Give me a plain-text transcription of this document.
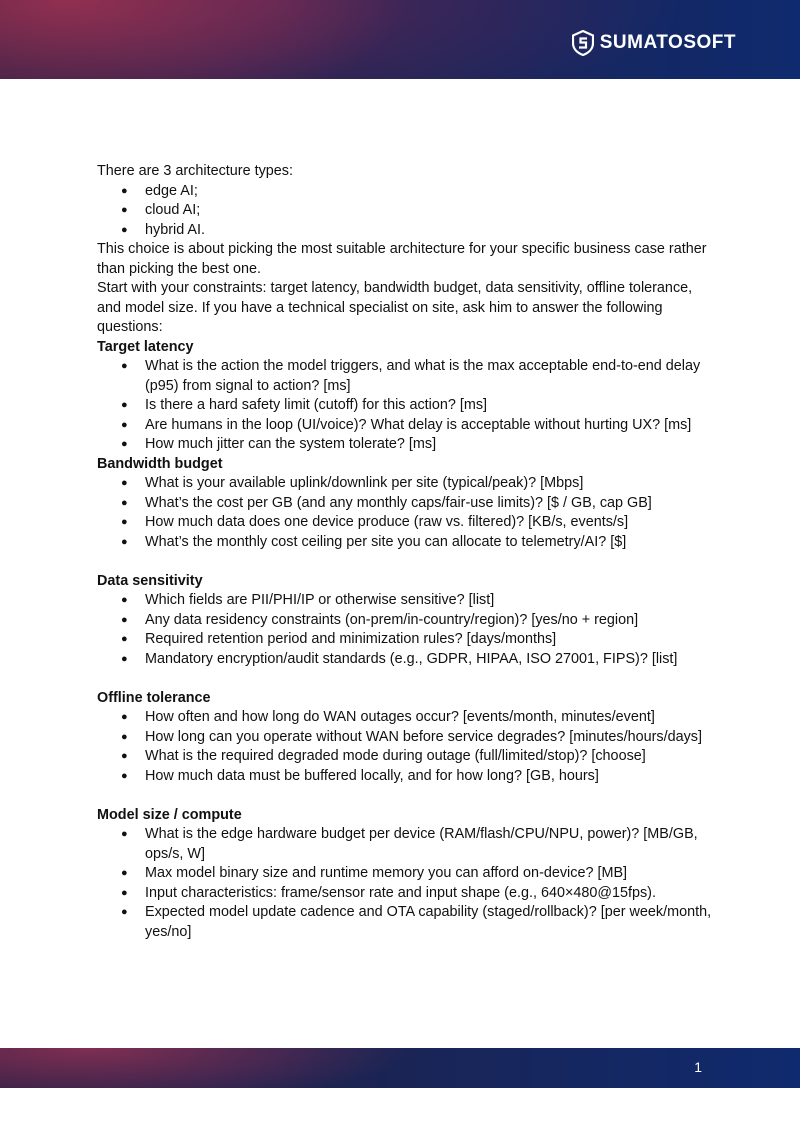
SUMATOSOFT

There are 3 architecture types:

● edge AI;
● cloud AI;
● hybrid AI.

This choice is about picking the most suitable architecture for your specific business case rather than picking the best one.

Start with your constraints: target latency, bandwidth budget, data sensitivity, offline tolerance, and model size. If you have a technical specialist on site, ask him to answer the following questions:

Target latency
● What is the action the model triggers, and what is the max acceptable end-to-end delay (p95) from signal to action? [ms]
● Is there a hard safety limit (cutoff) for this action? [ms]
● Are humans in the loop (UI/voice)? What delay is acceptable without hurting UX? [ms]
● How much jitter can the system tolerate? [ms]
Bandwidth budget
● What is your available uplink/downlink per site (typical/peak)? [Mbps]
● What’s the cost per GB (and any monthly caps/fair-use limits)? [$ / GB, cap GB]
● How much data does one device produce (raw vs. filtered)? [KB/s, events/s]
● What’s the monthly cost ceiling per site you can allocate to telemetry/AI? [$]
Data sensitivity
● Which fields are PII/PHI/IP or otherwise sensitive? [list]
● Any data residency constraints (on-prem/in-country/region)? [yes/no + region]
● Required retention period and minimization rules? [days/months]
● Mandatory encryption/audit standards (e.g., GDPR, HIPAA, ISO 27001, FIPS)? [list]
Offline tolerance
● How often and how long do WAN outages occur? [events/month, minutes/event]
● How long can you operate without WAN before service degrades? [minutes/hours/days]
● What is the required degraded mode during outage (full/limited/stop)? [choose]
● How much data must be buffered locally, and for how long? [GB, hours]
Model size / compute
● What is the edge hardware budget per device (RAM/flash/CPU/NPU, power)? [MB/GB, ops/s, W]
● Max model binary size and runtime memory you can afford on-device? [MB]
● Input characteristics: frame/sensor rate and input shape (e.g., 640×480@15fps).
● Expected model update cadence and OTA capability (staged/rollback)? [per week/month, yes/no]
1
